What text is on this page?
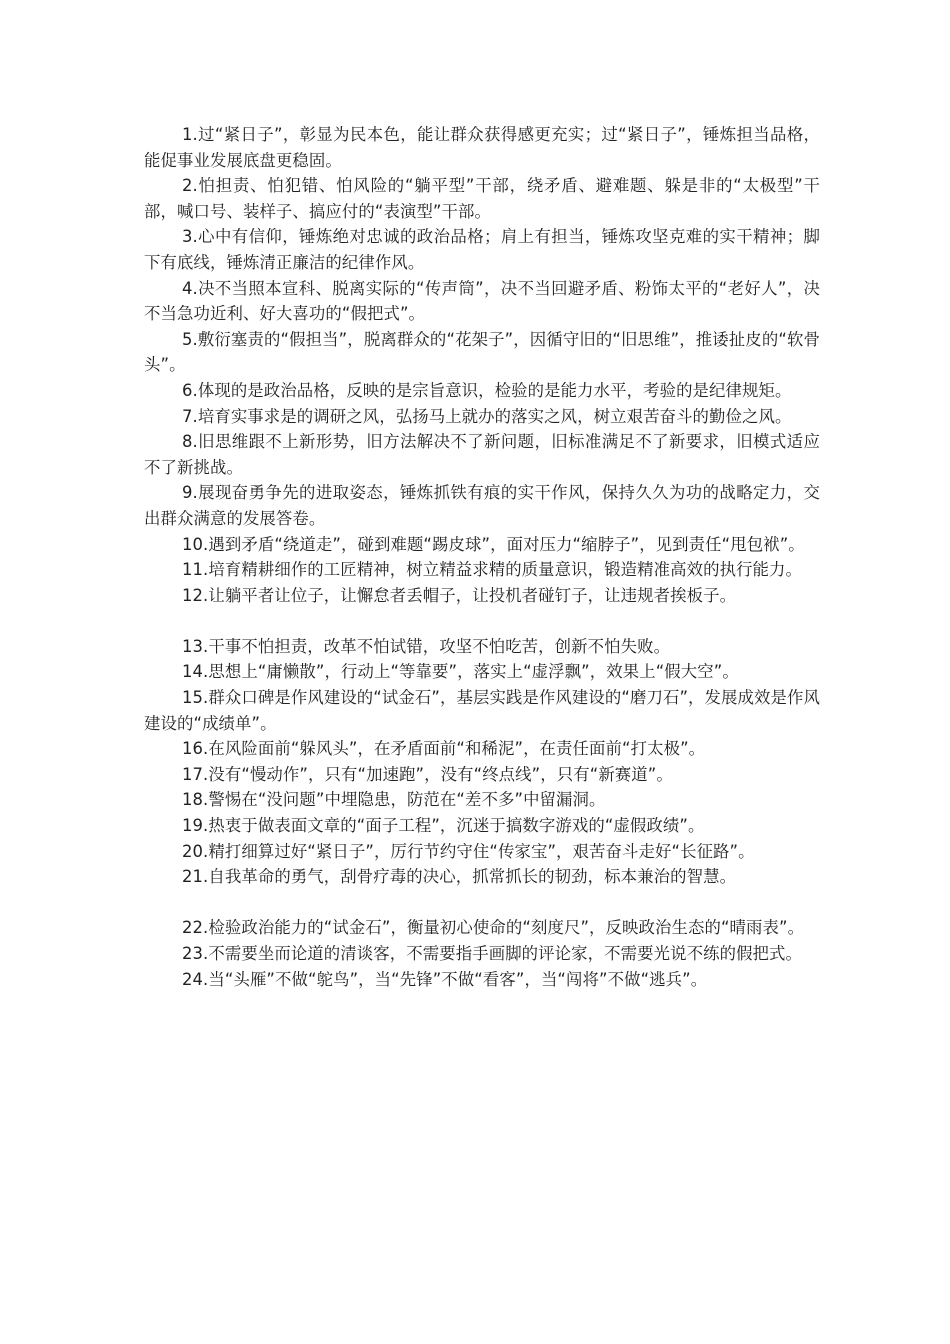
1.过“紧日子”，彰显为民本色，能让群众获得感更充实；过“紧日子”，锤炼担当品格，能促事业发展底盘更稳固。

2.怕担责、怕犯错、怕风险的“躺平型”干部，绕矛盾、避难题、躲是非的“太极型”干部，喊口号、装样子、搞应付的“表演型”干部。

3.心中有信仰，锤炼绝对忠诚的政治品格；肩上有担当，锤炼攻坚克难的实干精神；脚下有底线，锤炼清正廉洁的纪律作风。

4.决不当照本宣科、脱离实际的“传声筒”，决不当回避矛盾、粉饰太平的“老好人”，决不当急功近利、好大喜功的“假把式”。

5.敷衍塞责的“假担当”，脱离群众的“花架子”，因循守旧的“旧思维”，推诿扯皮的“软骨头”。

6.体现的是政治品格，反映的是宗旨意识，检验的是能力水平，考验的是纪律规矩。

7.培育实事求是的调研之风，弘扬马上就办的落实之风，树立艰苦奋斗的勤俭之风。

8.旧思维跟不上新形势，旧方法解决不了新问题，旧标准满足不了新要求，旧模式适应不了新挑战。

9.展现奋勇争先的进取姿态，锤炼抓铁有痕的实干作风，保持久久为功的战略定力，交出群众满意的发展答卷。

10.遇到矛盾“绕道走”，碰到难题“踢皮球”，面对压力“缩脖子”，见到责任“甩包袱”。

11.培育精耕细作的工匠精神，树立精益求精的质量意识，锻造精准高效的执行能力。

12.让躺平者让位子，让懈怠者丢帽子，让投机者碰钉子，让违规者挨板子。

13.干事不怕担责，改革不怕试错，攻坚不怕吃苦，创新不怕失败。

14.思想上“庸懒散”，行动上“等靠要”，落实上“虚浮飘”，效果上“假大空”。

15.群众口碑是作风建设的“试金石”，基层实践是作风建设的“磨刀石”，发展成效是作风建设的“成绩单”。

16.在风险面前“躲风头”，在矛盾面前“和稀泥”，在责任面前“打太极”。

17.没有“慢动作”，只有“加速跑”，没有“终点线”，只有“新赛道”。

18.警惕在“没问题”中埋隐患，防范在“差不多”中留漏洞。

19.热衷于做表面文章的“面子工程”，沉迷于搞数字游戏的“虚假政绩”。

20.精打细算过好“紧日子”，厉行节约守住“传家宝”，艰苦奋斗走好“长征路”。

21.自我革命的勇气，刮骨疗毒的决心，抓常抓长的韧劲，标本兼治的智慧。

22.检验政治能力的“试金石”，衡量初心使命的“刻度尺”，反映政治生态的“晴雨表”。

23.不需要坐而论道的清谈客，不需要指手画脚的评论家，不需要光说不练的假把式。

24.当“头雁”不做“鸵鸟”，当“先锋”不做“看客”，当“闯将”不做“逃兵”。
